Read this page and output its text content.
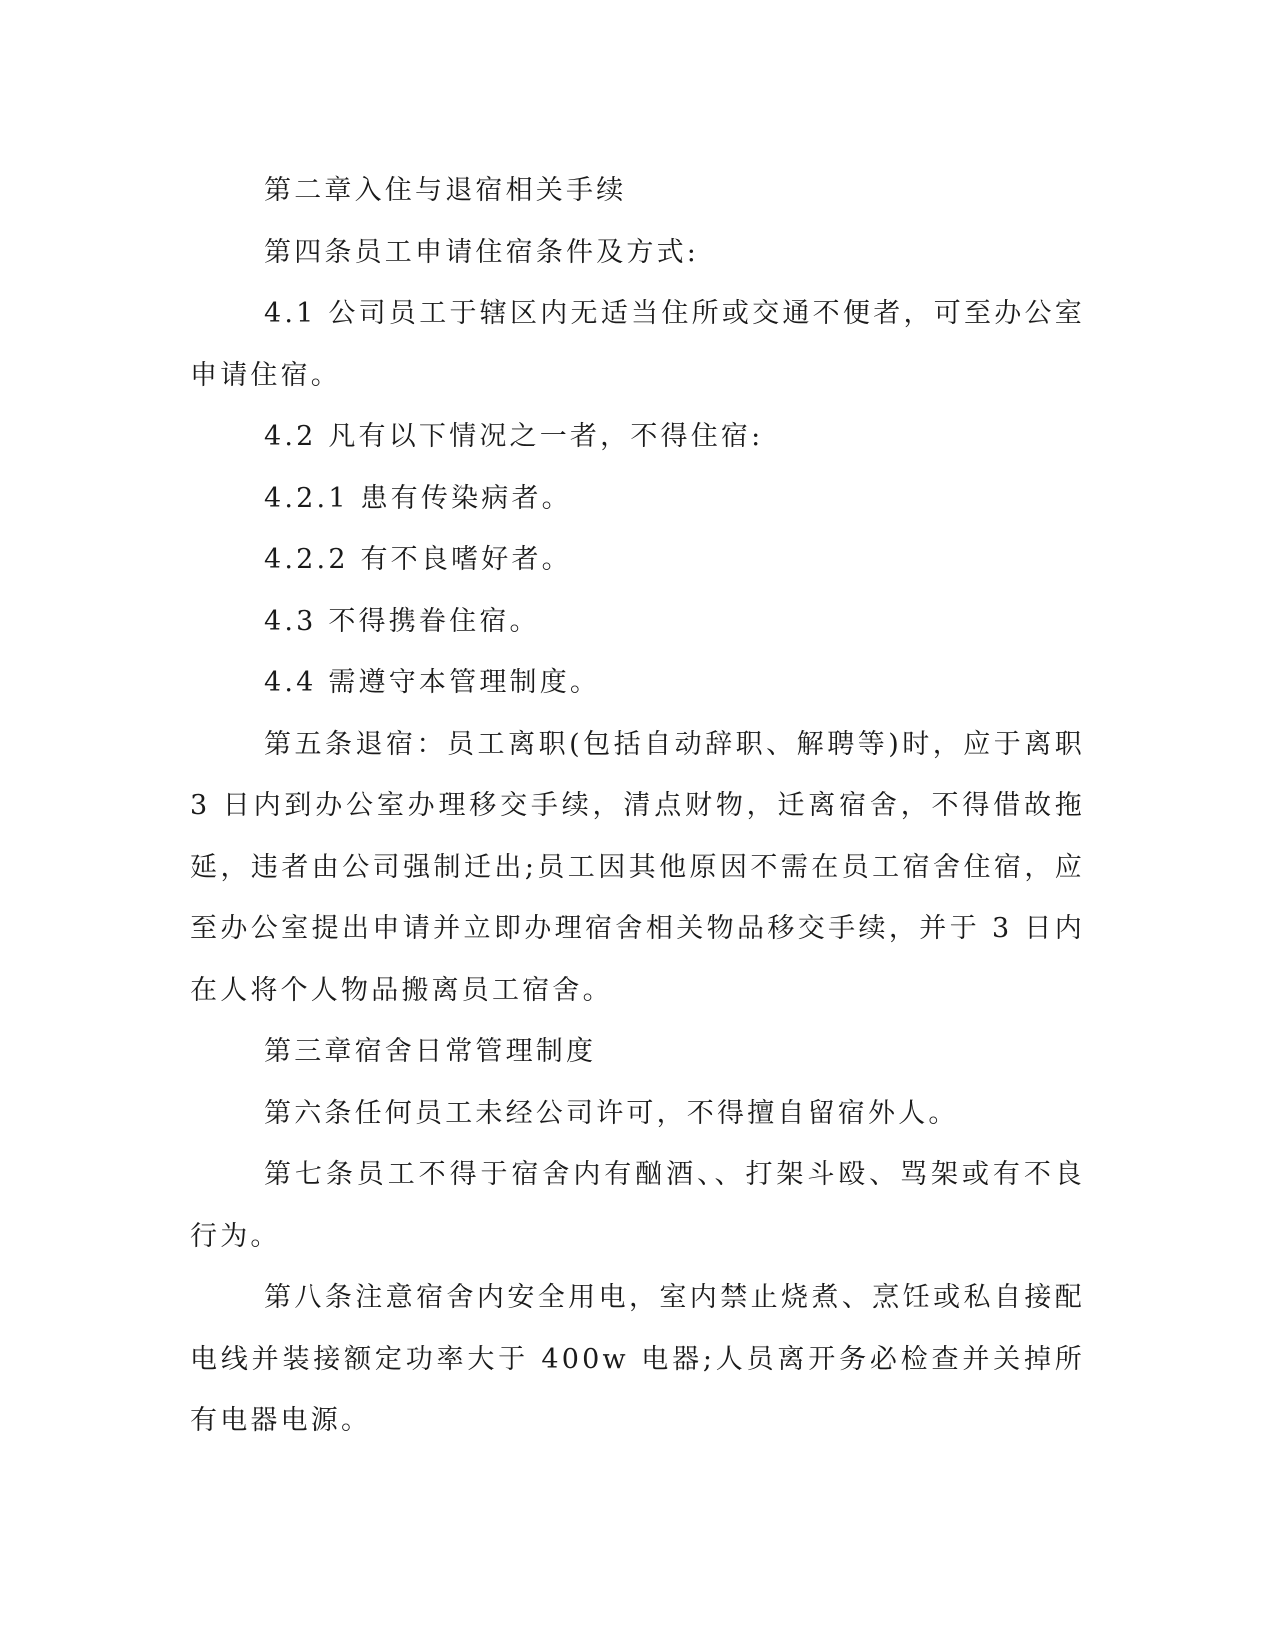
第二章入住与退宿相关手续

第四条员工申请住宿条件及方式:

4.1 公司员工于辖区内无适当住所或交通不便者，可至办公室申请住宿。

4.2 凡有以下情况之一者，不得住宿:

4.2.1 患有传染病者。

4.2.2 有不良嗜好者。

4.3 不得携眷住宿。

4.4 需遵守本管理制度。

第五条退宿：员工离职(包括自动辞职、解聘等)时，应于离职 3 日内到办公室办理移交手续，清点财物，迁离宿舍，不得借故拖延，违者由公司强制迁出;员工因其他原因不需在员工宿舍住宿，应至办公室提出申请并立即办理宿舍相关物品移交手续，并于 3 日内在人将个人物品搬离员工宿舍。

第三章宿舍日常管理制度

第六条任何员工未经公司许可，不得擅自留宿外人。

第七条员工不得于宿舍内有酗酒、、打架斗殴、骂架或有不良行为。

第八条注意宿舍内安全用电，室内禁止烧煮、烹饪或私自接配电线并装接额定功率大于 400w 电器;人员离开务必检查并关掉所有电器电源。
